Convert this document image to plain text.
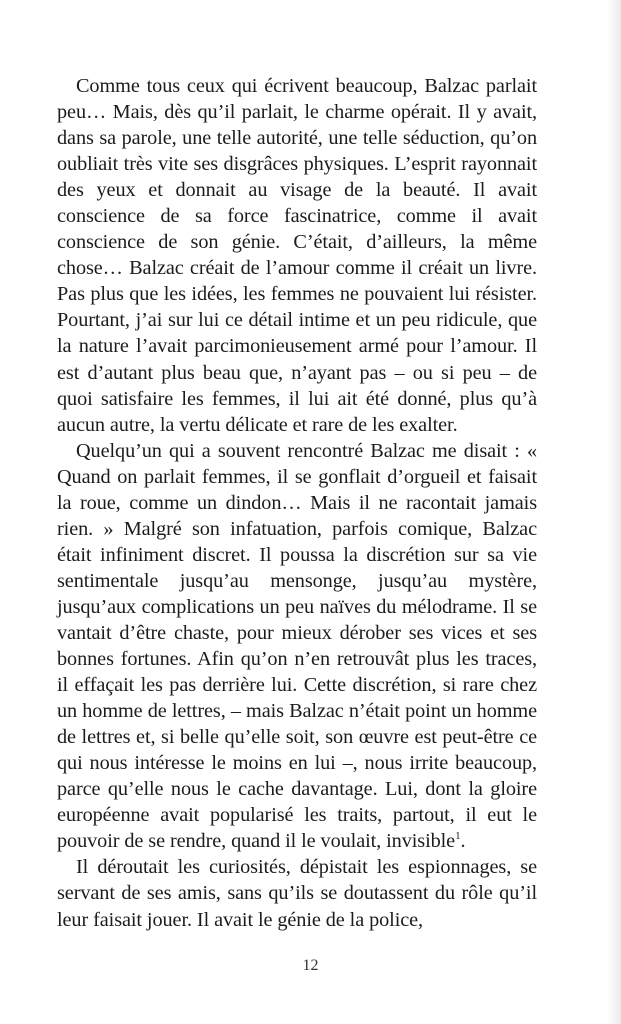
Comme tous ceux qui écrivent beaucoup, Balzac parlait peu… Mais, dès qu’il parlait, le charme opérait. Il y avait, dans sa parole, une telle autorité, une telle séduction, qu’on oubliait très vite ses disgrâces physiques. L’esprit rayonnait des yeux et donnait au visage de la beauté. Il avait conscience de sa force fascinatrice, comme il avait conscience de son génie. C’était, d’ailleurs, la même chose… Balzac créait de l’amour comme il créait un livre. Pas plus que les idées, les femmes ne pouvaient lui résister. Pourtant, j’ai sur lui ce détail intime et un peu ridicule, que la nature l’avait parcimonieusement armé pour l’amour. Il est d’autant plus beau que, n’ayant pas – ou si peu – de quoi satisfaire les femmes, il lui ait été donné, plus qu’à aucun autre, la vertu délicate et rare de les exalter.

Quelqu’un qui a souvent rencontré Balzac me disait : « Quand on parlait femmes, il se gonflait d’orgueil et faisait la roue, comme un dindon… Mais il ne racontait jamais rien. » Malgré son infatuation, parfois comique, Balzac était infiniment discret. Il poussa la discrétion sur sa vie sentimentale jusqu’au mensonge, jusqu’au mystère, jusqu’aux complications un peu naïves du mélodrame. Il se vantait d’être chaste, pour mieux dérober ses vices et ses bonnes fortunes. Afin qu’on n’en retrouvât plus les traces, il effaçait les pas derrière lui. Cette discrétion, si rare chez un homme de lettres, – mais Balzac n’était point un homme de lettres et, si belle qu’elle soit, son œuvre est peut-être ce qui nous intéresse le moins en lui –, nous irrite beaucoup, parce qu’elle nous le cache davantage. Lui, dont la gloire européenne avait popularisé les traits, partout, il eut le pouvoir de se rendre, quand il le voulait, invisible$^1$.

Il déroutait les curiosités, dépistait les espionnages, se servant de ses amis, sans qu’ils se doutassent du rôle qu’il leur faisait jouer. Il avait le génie de la police,

12
